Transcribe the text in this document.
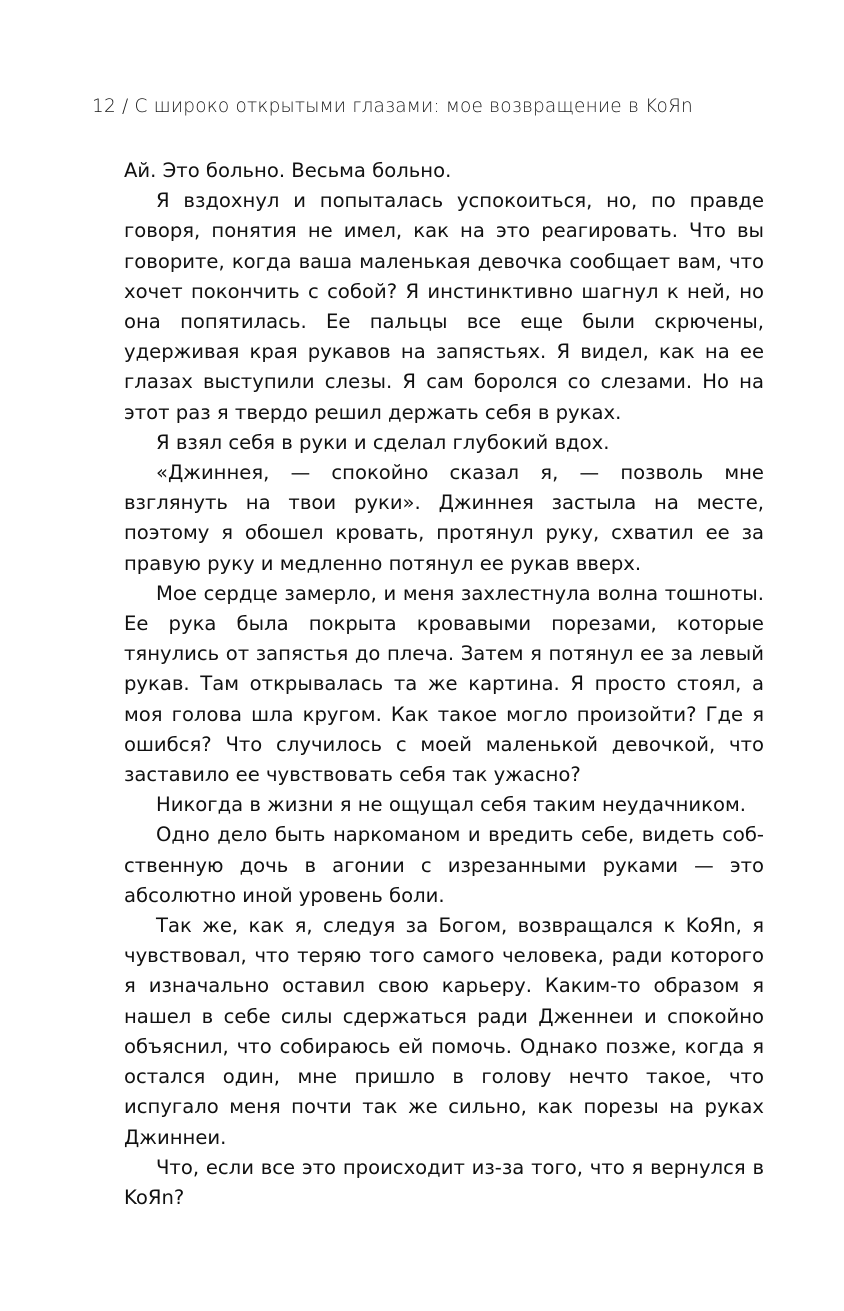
12 / С широко открытыми глазами: мое возвращение в KoЯn

Ай. Это больно. Весьма больно.

Я вздохнул и попыталась успокоиться, но, по правде говоря, понятия не имел, как на это реагировать. Что вы говорите, когда ваша маленькая девочка сообщает вам, что хочет покончить с собой? Я инстинктивно шагнул к ней, но она попятилась. Ее пальцы все еще были скрючены, удерживая края рукавов на запястьях. Я видел, как на ее глазах выступили слезы. Я сам боролся со слезами. Но на этот раз я твердо решил держать себя в руках.

Я взял себя в руки и сделал глубокий вдох.

«Джиннея, — спокойно сказал я, — позволь мне взглянуть на твои руки». Джиннея застыла на месте, поэтому я обошел кровать, протянул руку, схватил ее за правую руку и медленно потянул ее рукав вверх.

Мое сердце замерло, и меня захлестнула волна тошноты. Ее рука была покрыта кровавыми порезами, которые тянулись от запястья до плеча. Затем я потянул ее за левый рукав. Там открывалась та же картина. Я просто стоял, а моя голова шла кругом. Как такое могло произойти? Где я ошибся? Что случилось с моей маленькой девочкой, что заставило ее чувствовать себя так ужасно?

Никогда в жизни я не ощущал себя таким неудачником.

Одно дело быть наркоманом и вредить себе, видеть собственную дочь в агонии с изрезанными руками — это абсолютно иной уровень боли.

Так же, как я, следуя за Богом, возвращался к KoЯn, я чувствовал, что теряю того самого человека, ради которого я изначально оставил свою карьеру. Каким-то образом я нашел в себе силы сдержаться ради Дженнеи и спокойно объяснил, что собираюсь ей помочь. Однако позже, когда я остался один, мне пришло в голову нечто такое, что испугало меня почти так же сильно, как порезы на руках Джиннеи.

Что, если все это происходит из-за того, что я вернулся в KoЯn?
